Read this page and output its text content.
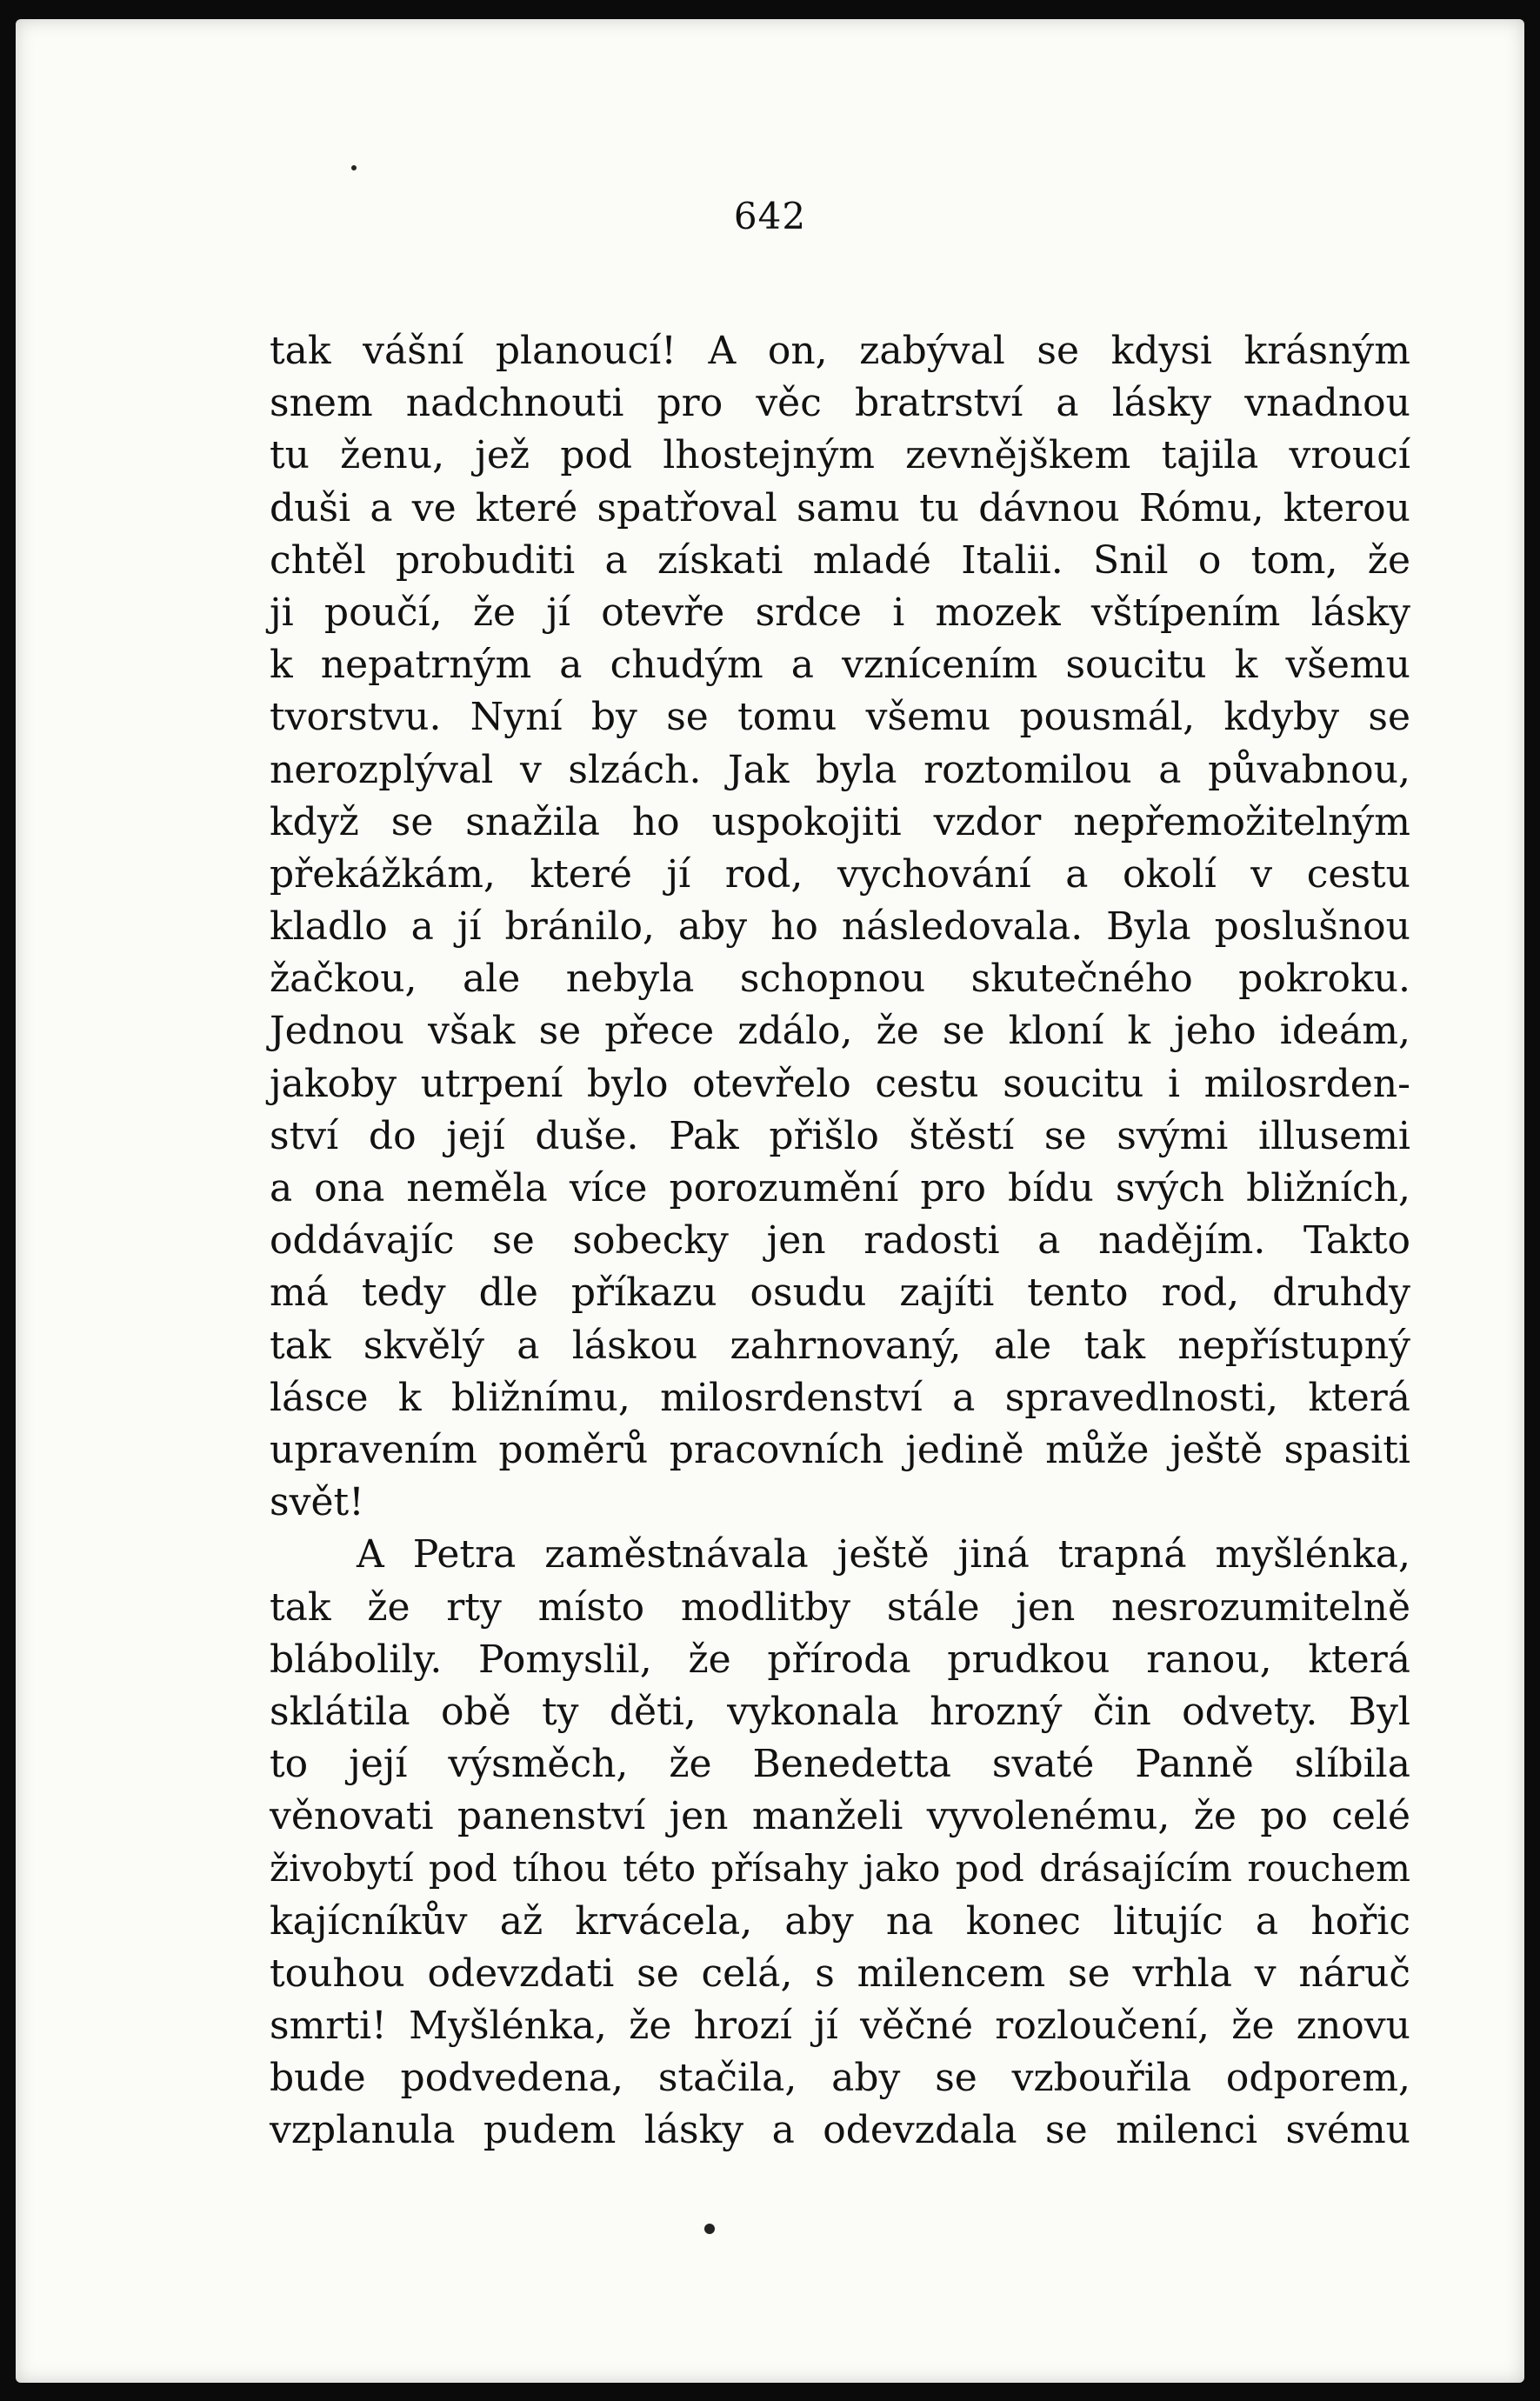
642
tak vášní planoucí! A on, zabýval se kdysi krásným
snem nadchnouti pro věc bratrství a lásky vnadnou
tu ženu, jež pod lhostejným zevnějškem tajila vroucí
duši a ve které spatřoval samu tu dávnou Rómu, kterou
chtěl probuditi a získati mladé Italii. Snil o tom, že
ji poučí, že jí otevře srdce i mozek vštípením lásky
k nepatrným a chudým a vznícením soucitu k všemu
tvorstvu. Nyní by se tomu všemu pousmál, kdyby se
nerozplýval v slzách. Jak byla roztomilou a půvabnou,
když se snažila ho uspokojiti vzdor nepřemožitelným
překážkám, které jí rod, vychování a okolí v cestu
kladlo a jí bránilo, aby ho následovala. Byla poslušnou
žačkou, ale nebyla schopnou skutečného pokroku.
Jednou však se přece zdálo, že se kloní k jeho ideám,
jakoby utrpení bylo otevřelo cestu soucitu i milosrden-
ství do její duše. Pak přišlo štěstí se svými illusemi
a ona neměla více porozumění pro bídu svých bližních,
oddávajíc se sobecky jen radosti a nadějím. Takto
má tedy dle příkazu osudu zajíti tento rod, druhdy
tak skvělý a láskou zahrnovaný, ale tak nepřístupný
lásce k bližnímu, milosrdenství a spravedlnosti, která
upravením poměrů pracovních jedině může ještě spasiti
svět!
A Petra zaměstnávala ještě jiná trapná myšlénka,
tak že rty místo modlitby stále jen nesrozumitelně
blábolily. Pomyslil, že příroda prudkou ranou, která
sklátila obě ty děti, vykonala hrozný čin odvety. Byl
to její výsměch, že Benedetta svaté Panně slíbila
věnovati panenství jen manželi vyvolenému, že po celé
živobytí pod tíhou této přísahy jako pod drásajícím rouchem
kajícníkův až krvácela, aby na konec litujíc a hořic
touhou odevzdati se celá, s milencem se vrhla v náruč
smrti! Myšlénka, že hrozí jí věčné rozloučení, že znovu
bude podvedena, stačila, aby se vzbouřila odporem,
vzplanula pudem lásky a odevzdala se milenci svému
